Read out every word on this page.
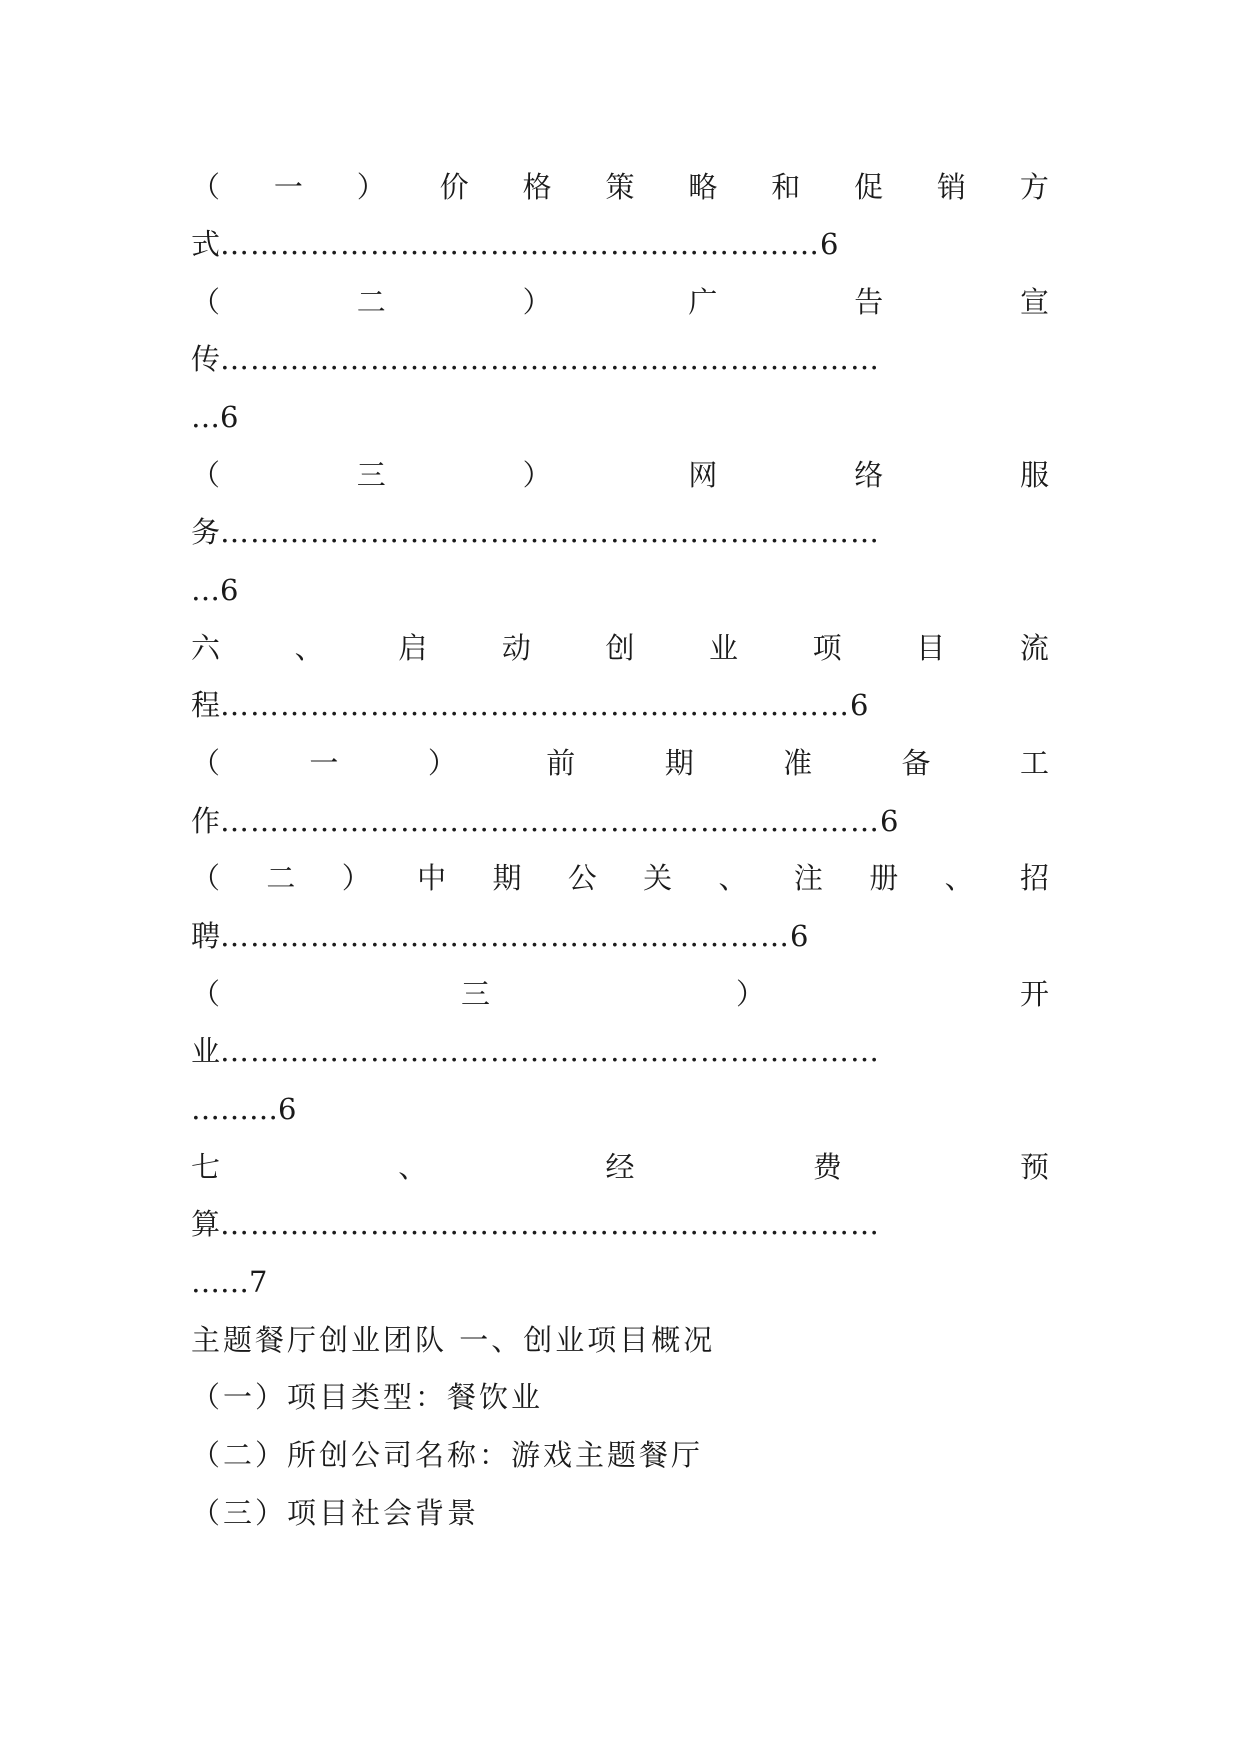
（ 一 ） 价 格 策 略 和 促 销 方
式 …………………………………………………… 6
（	二	）	广	告	宣
传 …………………………………………………………
…6
（	三	）	网	络	服
务 …………………………………………………………
…6
六	、	启	动	创	业	项	目	流
程 ……………………………………………………… 6
（	一	）	前	期	准	备	工
作 ………………………………………………………… 6
（ 二 ） 中 期 公 关 、 注 册 、 招
聘 ………………………………………………… 6
（	三	）	开
业 …………………………………………………………
………6
七	、	经	费	预
算 …………………………………………………………
……7
主题餐厅创业团队 一、创业项目概况
（一）项目类型：餐饮业
（二）所创公司名称：游戏主题餐厅
（三）项目社会背景
